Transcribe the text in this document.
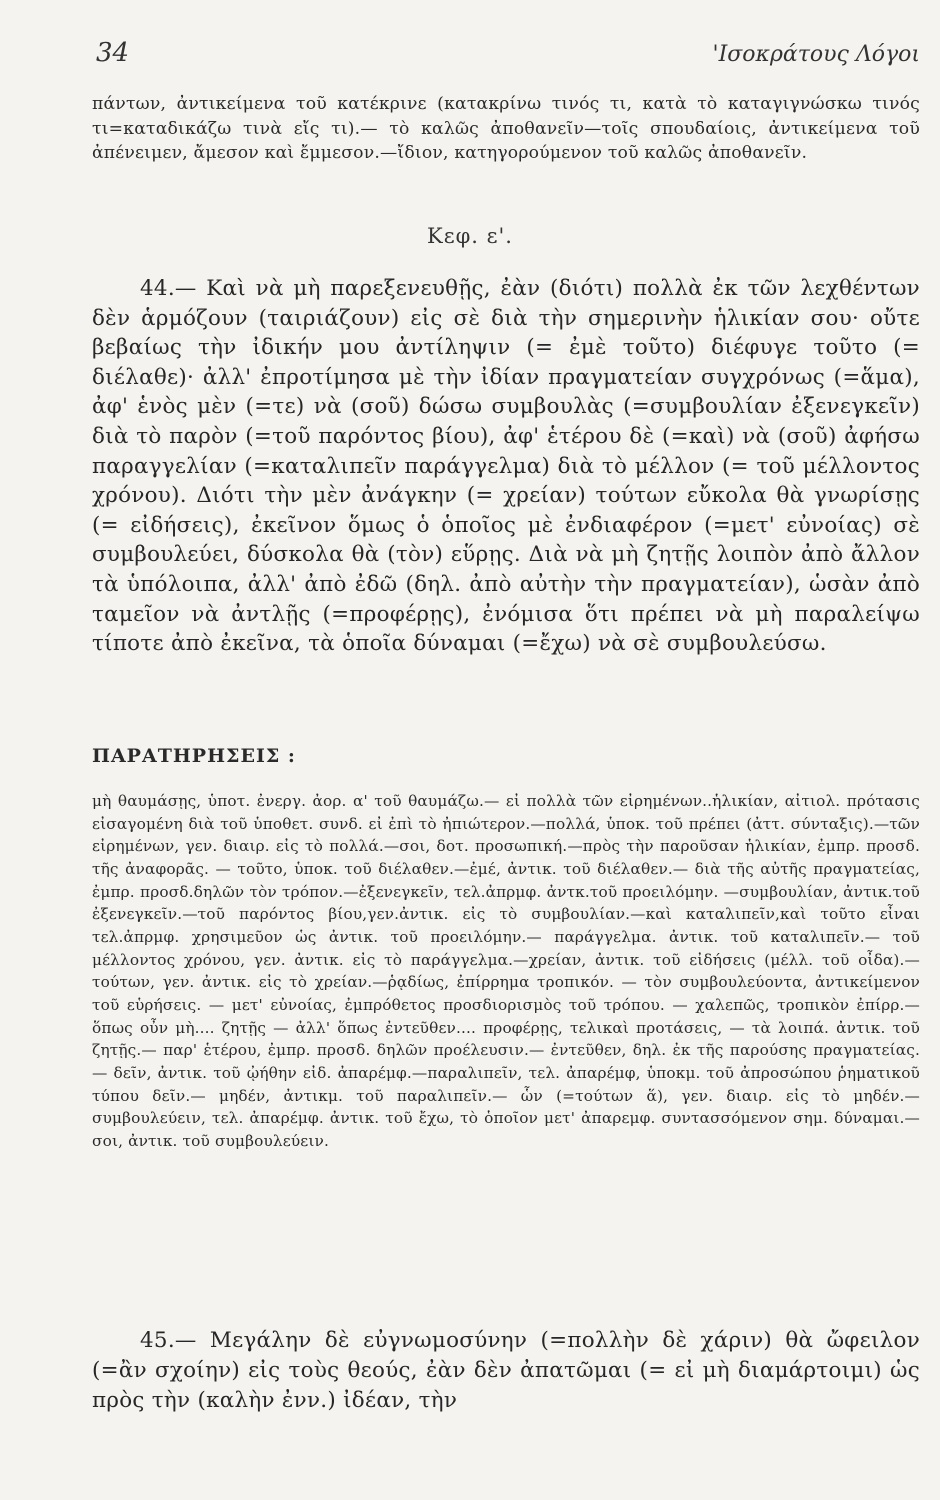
34	'Ισοκράτους Λόγοι
πάντων, ἀντικείμενα τοῦ κατέκρινε (κατακρίνω τινός τι, κατὰ τὸ καταγιγνώσκω τινός τι=καταδικάζω τινὰ εἴς τι).— τὸ καλῶς ἀποθανεῖν—τοῖς σπουδαίοις, ἀντικείμενα τοῦ ἀπένειμεν, ἄμεσον καὶ ἔμμεσον.—ἴδιον, κατηγορούμενον τοῦ καλῶς ἀποθανεῖν.
Κεφ. ε'.

44.— Καὶ νὰ μὴ παρεξενευθῇς, ἐὰν (διότι) πολλὰ ἐκ τῶν λεχθέντων δὲν ἁρμόζουν (ταιριάζουν) εἰς σὲ διὰ τὴν σημερινὴν ἡλικίαν σου· οὔτε βεβαίως τὴν ἰδικήν μου ἀντίληψιν (= ἐμὲ τοῦτο) διέφυγε τοῦτο (= διέλαθε)· ἀλλ' ἐπροτίμησα μὲ τὴν ἰδίαν πραγματείαν συγχρόνως (=ἅμα), ἀφ' ἑνὸς μὲν (=τε) νὰ (σοῦ) δώσω συμβουλὰς (=συμβουλίαν ἐξενεγκεῖν) διὰ τὸ παρὸν (=τοῦ παρόντος βίου), ἀφ' ἑτέρου δὲ (=καὶ) νὰ (σοῦ) ἀφήσω παραγγελίαν (=καταλιπεῖν παράγγελμα) διὰ τὸ μέλλον (= τοῦ μέλλοντος χρόνου). Διότι τὴν μὲν ἀνάγκην (= χρείαν) τούτων εὔκολα θὰ γνωρίσῃς (= εἰδήσεις), ἐκεῖνον ὅμως ὁ ὁποῖος μὲ ἐνδιαφέρον (=μετ' εὐνοίας) σὲ συμβουλεύει, δύσκολα θὰ (τὸν) εὕρῃς. Διὰ νὰ μὴ ζητῇς λοιπὸν ἀπὸ ἄλλον τὰ ὑπόλοιπα, ἀλλ' ἀπὸ ἐδῶ (δηλ. ἀπὸ αὐτὴν τὴν πραγματείαν), ὡσὰν ἀπὸ ταμεῖον νὰ ἀντλῇς (=προφέρῃς), ἐνόμισα ὅτι πρέπει νὰ μὴ παραλείψω τίποτε ἀπὸ ἐκεῖνα, τὰ ὁποῖα δύναμαι (=ἔχω) νὰ σὲ συμβουλεύσω.

ΠΑΡΑΤΗΡΗΣΕΙΣ :

μὴ θαυμάσῃς, ὑποτ. ἐνεργ. ἀορ. α' τοῦ θαυμάζω.— εἰ πολλὰ τῶν εἰρημένων..ἡλικίαν, αἰτιολ. πρότασις εἰσαγομένη διὰ τοῦ ὑποθετ. συνδ. εἰ ἐπὶ τὸ ἠπιώτερον.—πολλά, ὑποκ. τοῦ πρέπει (ἀττ. σύνταξις).—τῶν εἰρημένων, γεν. διαιρ. εἰς τὸ πολλά.—σοι, δοτ. προσωπική.—πρὸς τὴν παροῦσαν ἡλικίαν, ἐμπρ. προσδ. τῆς ἀναφορᾶς. — τοῦτο, ὑποκ. τοῦ διέλαθεν.—ἐμέ, ἀντικ. τοῦ διέλαθεν.— διὰ τῆς αὐτῆς πραγματείας, ἐμπρ. προσδ.δηλῶν τὸν τρόπον.—ἐξενεγκεῖν, τελ.ἀπρμφ. ἀντκ.τοῦ προειλόμην. —συμβουλίαν, ἀντικ.τοῦ ἐξενεγκεῖν.—τοῦ παρόντος βίου,γεν.ἀντικ. εἰς τὸ συμβουλίαν.—καὶ καταλιπεῖν,καὶ τοῦτο εἶναι τελ.ἀπρμφ. χρησιμεῦον ὡς ἀντικ. τοῦ προειλόμην.— παράγγελμα. ἀντικ. τοῦ καταλιπεῖν.— τοῦ μέλλοντος χρόνου, γεν. ἀντικ. εἰς τὸ παράγγελμα.—χρείαν, ἀντικ. τοῦ εἰδήσεις (μέλλ. τοῦ οἶδα).—τούτων, γεν. ἀντικ. εἰς τὸ χρείαν.—ῥᾳδίως, ἐπίρρημα τροπικόν. — τὸν συμβουλεύοντα, ἀντικείμενον τοῦ εὑρήσεις. — μετ' εὐνοίας, ἐμπρόθετος προσδιορισμὸς τοῦ τρόπου. — χαλεπῶς, τροπικὸν ἐπίρρ.— ὅπως οὖν μὴ.... ζητῇς — ἀλλ' ὅπως ἐντεῦθεν.... προφέρῃς, τελικαὶ προτάσεις, — τὰ λοιπά. ἀντικ. τοῦ ζητῇς.— παρ' ἑτέρου, ἐμπρ. προσδ. δηλῶν προέλευσιν.— ἐντεῦθεν, δηλ. ἐκ τῆς παρούσης πραγματείας.— δεῖν, ἀντικ. τοῦ ᾠήθην εἰδ. ἀπαρέμφ.—παραλιπεῖν, τελ. ἀπαρέμφ, ὑποκμ. τοῦ ἀπροσώπου ῥηματικοῦ τύπου δεῖν.— μηδέν, ἀντικμ. τοῦ παραλιπεῖν.— ὧν (=τούτων ἅ), γεν. διαιρ. εἰς τὸ μηδέν.— συμβουλεύειν, τελ. ἀπαρέμφ. ἀντικ. τοῦ ἔχω, τὸ ὁποῖον μετ' ἀπαρεμφ. συντασσόμενον σημ. δύναμαι.—σοι, ἀντικ. τοῦ συμβουλεύειν.

45.— Μεγάλην δὲ εὐγνωμοσύνην (=πολλὴν δὲ χάριν) θὰ ὤφειλον (=ἂν σχοίην) εἰς τοὺς θεούς, ἐὰν δὲν ἀπατῶμαι (= εἰ μὴ διαμάρτοιμι) ὡς πρὸς τὴν (καλὴν ἐνν.) ἰδέαν, τὴν
